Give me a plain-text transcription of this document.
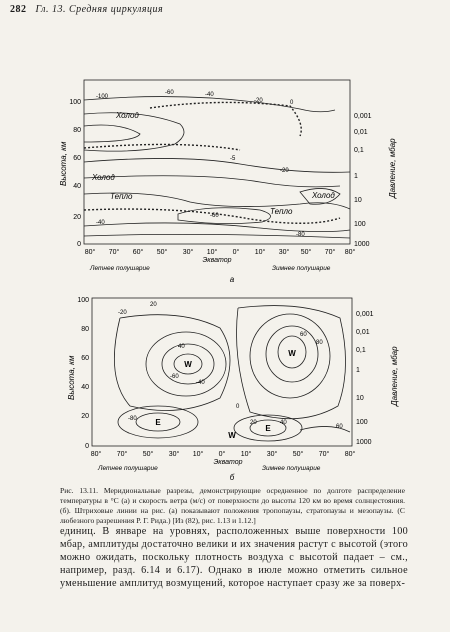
282 Гл. 13. Средняя циркуляция
Холод
Холод
Тепло	Холод
Тепло
-100
-60	-40
-20	0
-5
-20
-40
-60
-80
100
80
60
40
20
0
0,001
0,01
0,1
1
10
100
1000
Высота, км	Давление, мбар
80° 70° 60° 50° 30° 10° 0° 10° 30° 50° 70° 80°
Экватор
Летнее полушарие	Зимнее полушарие
а
W
W
E
E
W
-20
20
40
-40
60
-60
80
-80
0
20	40
60
100
80
60
40
20
0
0,001
0,01
0,1
1
10
100
1000
Высота, км	Давление, мбар
80° 70° 50° 30° 10° 0° 10° 30° 50° 70° 80°
Экватор
Летнее полушарие	Зимнее полушарие
б
Рис. 13.11. Меридиональные разрезы, демонстрирующие осредненное по долготе распределение температуры в °С (а) и скорость ветра (м/с) от поверхности до высоты 120 км во время солнцестояния. (б). Штриховые линии на рис. (а) показывают положения тропопаузы, стратопаузы и мезопаузы. (С любезного разрешения Р. Г. Рида.) [Из (82), рис. 1.13 и 1.12.]

единиц. В январе на уровнях, расположенных выше поверхности 100 мбар, амплитуды достаточно велики и их значения растут с высотой (этого можно ожидать, поскольку плотность воздуха с высотой падает – см., например, разд. 6.14 и 6.17). Однако в июле можно отметить сильное уменьшение амплитуд возмущений, которое наступает сразу же за поверх-
